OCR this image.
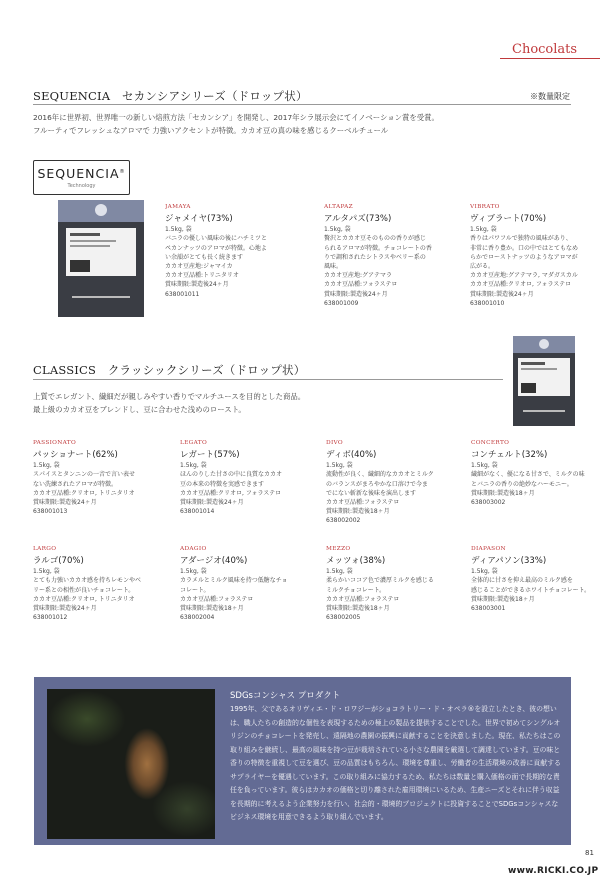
Chocolats
SEQUENCIA　セカンシアシリーズ（ドロップ状）	※数量限定
2016年に世界初、世界唯一の新しい焙煎方法「セカンシア」を開発し、2017年シラ展示会にてイノベーション賞を受賞。
フルーティでフレッシュなアロマで 力強いアクセントが特徴。カカオ豆の真の味を感じるクーベルチュール
SEQUENCIA®
Technology
JAMAYA
ジャメイヤ(73%)
1.5kg, 袋
バニラの優しい風味の後にハチミツと
ペカンナッツのアロマが特徴。心地よ
い余韻がとても長く続きます
カカオ豆産地:ジャマイカ
カカオ豆品種:トリニタリオ
賞味期限:製造後24ヶ月
638001011
ALTAPAZ
アルタパズ(73%)
1.5kg, 袋
贅沢とカカオ豆そのものの香りが感じ
られるアロマが特徴。チョコレートの香
りで調和されたシトラスやベリー系の
風味。
カカオ豆産地:グアテマラ
カカオ豆品種:フォラステロ
賞味期限:製造後24ヶ月
638001009
VIBRATO
ヴィブラート(70%)
1.5kg, 袋
香りはパワフルで独特の風味があり、
非常に香り豊か。口の中ではとてもなめ
らかでローストナッツのようなアロマが
広がる。
カカオ豆産地:グアテマラ, マダガスカル
カカオ豆品種:クリオロ, フォラステロ
賞味期限:製造後24ヶ月
638001010
CLASSICS　クラッシックシリーズ（ドロップ状）
上質でエレガント、繊細だが親しみやすい香りでマルチユースを目的とした商品。
最上級のカカオ豆をブレンドし、豆に合わせた浅めのロースト。
PASSIONATO
パッショナート(62%)
1.5kg, 袋
スパイスとタンニンの一音で言い表せ
ない洗練されたアロマが特徴。
カカオ豆品種:クリオロ, トリニタリオ
賞味期限:製造後24ヶ月
638001013
LEGATO
レガート(57%)
1.5kg, 袋
ほんのりした甘さの中に良質なカカオ
豆の本来の特徴を実感できます
カカオ豆品種:クリオロ, フォラステロ
賞味期限:製造後24ヶ月
638001014
DIVO
ディボ(40%)
1.5kg, 袋
流動性が良く、繊細的なカカオとミルク
のバランスがまろやかな口溶けで今ま
でにない斬新な後味を演出します
カカオ豆品種:フォラステロ
賞味期限:製造後18ヶ月
638002002
CONCERTO
コンチェルト(32%)
1.5kg, 袋
繊細がなく、優になる甘さで、ミルクの味
とバニラの香りの絶妙なハーモニー。
賞味期限:製造後18ヶ月
638003002
LARGO
ラルゴ(70%)
1.5kg, 袋
とても力強いカカオ感を持ちレモンやベ
リー系との相性が良いチョコレート。
カカオ豆品種:クリオロ, トリニタリオ
賞味期限:製造後24ヶ月
638001012
ADAGIO
アダージオ(40%)
1.5kg, 袋
カラメルとミルク風味を持つ低糖なチョ
コレート。
カカオ豆品種:フォラステロ
賞味期限:製造後18ヶ月
638002004
MEZZO
メッツォ(38%)
1.5kg, 袋
柔らかいココア色で濃厚ミルクを感じる
ミルクチョコレート。
カカオ豆品種:フォラステロ
賞味期限:製造後18ヶ月
638002005
DIAPASON
ディアパソン(33%)
1.5kg, 袋
全体的に甘さを抑え最高のミルク感を
感じることができるホワイトチョコレート。
賞味期限:製造後18ヶ月
638003001
SDGsコンシャス プロダクト
1995年、父であるオリヴィエ・ド・ロワジーがショコラトリー・ド・オペラ®を設立したとき、彼の想いは、職人たちの創造的な個性を表現するための極上の製品を提供することでした。世界で初めてシングルオリジンのチョコレートを発売し、遠隔地の農園の振興に貢献することを決意しました。現在、私たちはこの取り組みを継続し、最高の風味を持つ豆が栽培されている小さな農園を厳選して調達しています。豆の味と香りの特徴を重視して豆を選び、豆の品質はもちろん、環境を尊重し、労働者の生活環境の改善に貢献するサプライヤーを優遇しています。この取り組みに協力するため、私たちは数量と購入価格の面で長期的な責任を負っています。彼らはカカオの価格と切り離された雇用環境にいるため、生産ニーズとそれに伴う収益を長期的に考えるよう企業努力を行い、社会的・環境的プロジェクトに投資することでSDGsコンシャスなビジネス環境を用意できるよう取り組んでいます。
81
www.RICKI.CO.JP
